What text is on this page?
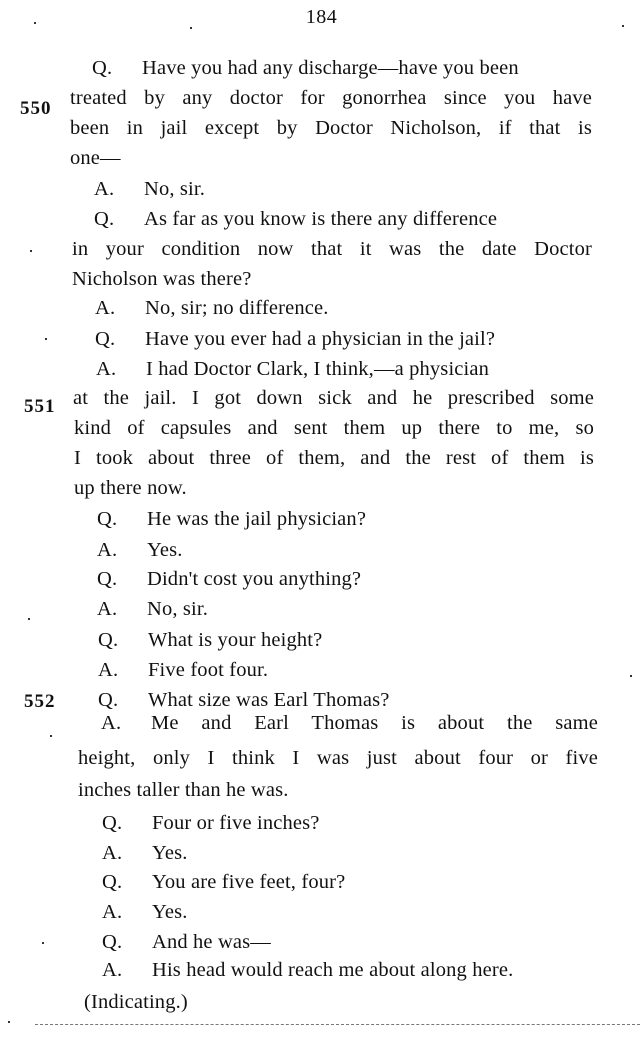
184
550
551
552
Q. Have you had any discharge—have you been
treated by any doctor for gonorrhea since you have
been in jail except by Doctor Nicholson, if that is
one—
A. No, sir.
Q. As far as you know is there any difference
in your condition now that it was the date Doctor
Nicholson was there?
A. No, sir; no difference.
Q. Have you ever had a physician in the jail?
A. I had Doctor Clark, I think,—a physician
at the jail. I got down sick and he prescribed some
kind of capsules and sent them up there to me, so
I took about three of them, and the rest of them is
up there now.
Q. He was the jail physician?
A. Yes.
Q. Didn't cost you anything?
A. No, sir.
Q. What is your height?
A. Five foot four.
Q. What size was Earl Thomas?
A. Me and Earl Thomas is about the same
height, only I think I was just about four or five
inches taller than he was.
Q. Four or five inches?
A. Yes.
Q. You are five feet, four?
A. Yes.
Q. And he was—
A. His head would reach me about along here.
(Indicating.)
